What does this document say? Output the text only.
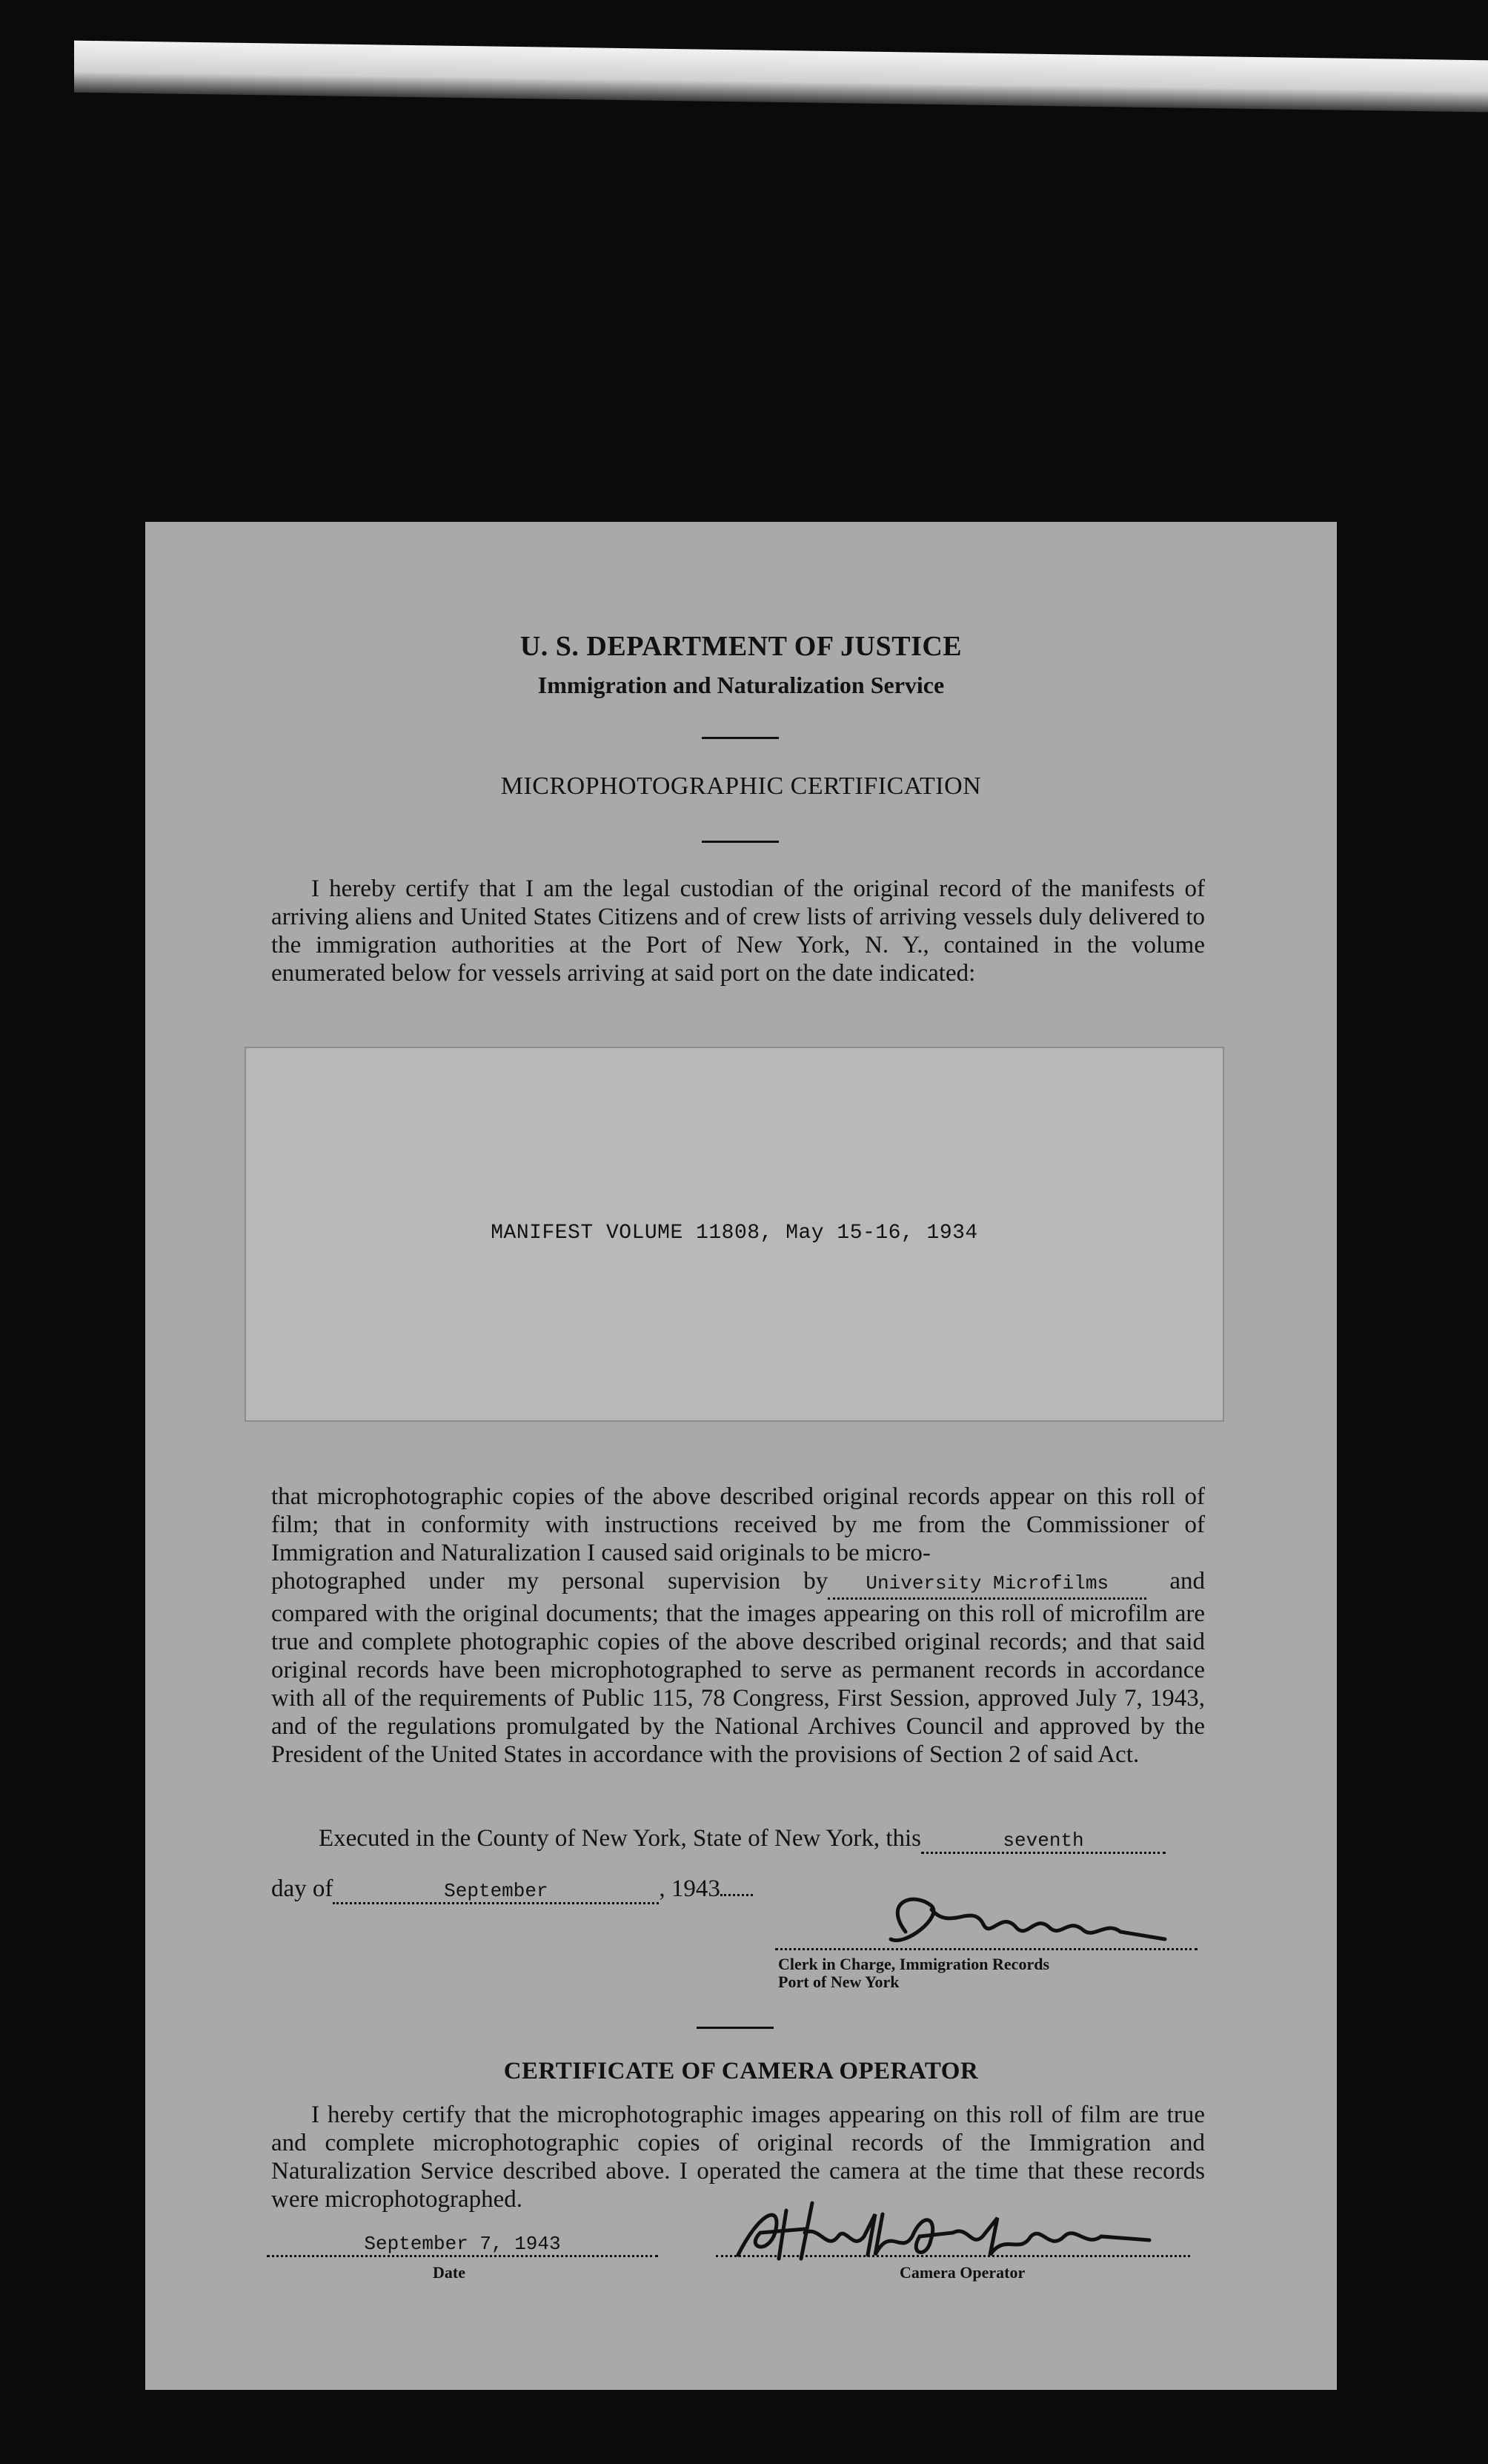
U. S. DEPARTMENT OF JUSTICE
Immigration and Naturalization Service
MICROPHOTOGRAPHIC CERTIFICATION
I hereby certify that I am the legal custodian of the original record of the manifests of arriving aliens and United States Citizens and of crew lists of arriving vessels duly delivered to the immigration authorities at the Port of New York, N. Y., contained in the volume enumerated below for vessels arriving at said port on the date indicated:
MANIFEST VOLUME 11808, May 15-16, 1934
that microphotographic copies of the above described original records appear on this roll of film; that in conformity with instructions received by me from the Commissioner of Immigration and Naturalization I caused said originals to be micro-
photographed under my personal supervision by University Microfilms and compared with the original documents; that the images appearing on this roll of microfilm are true and complete photographic copies of the above described original records; and that said original records have been microphotographed to serve as permanent records in accordance with all of the requirements of Public 115, 78 Congress, First Session, approved July 7, 1943, and of the regulations promulgated by the National Archives Council and approved by the President of the United States in accordance with the provisions of Section 2 of said Act.
Executed in the County of New York, State of New York, this	seventh
day of	September	, 1943
Clerk in Charge, Immigration Records
Port of New York
CERTIFICATE OF CAMERA OPERATOR
I hereby certify that the microphotographic images appearing on this roll of film are true and complete microphotographic copies of original records of the Immigration and Naturalization Service described above. I operated the camera at the time that these records were microphotographed.
September 7, 1943
Date	Camera Operator
